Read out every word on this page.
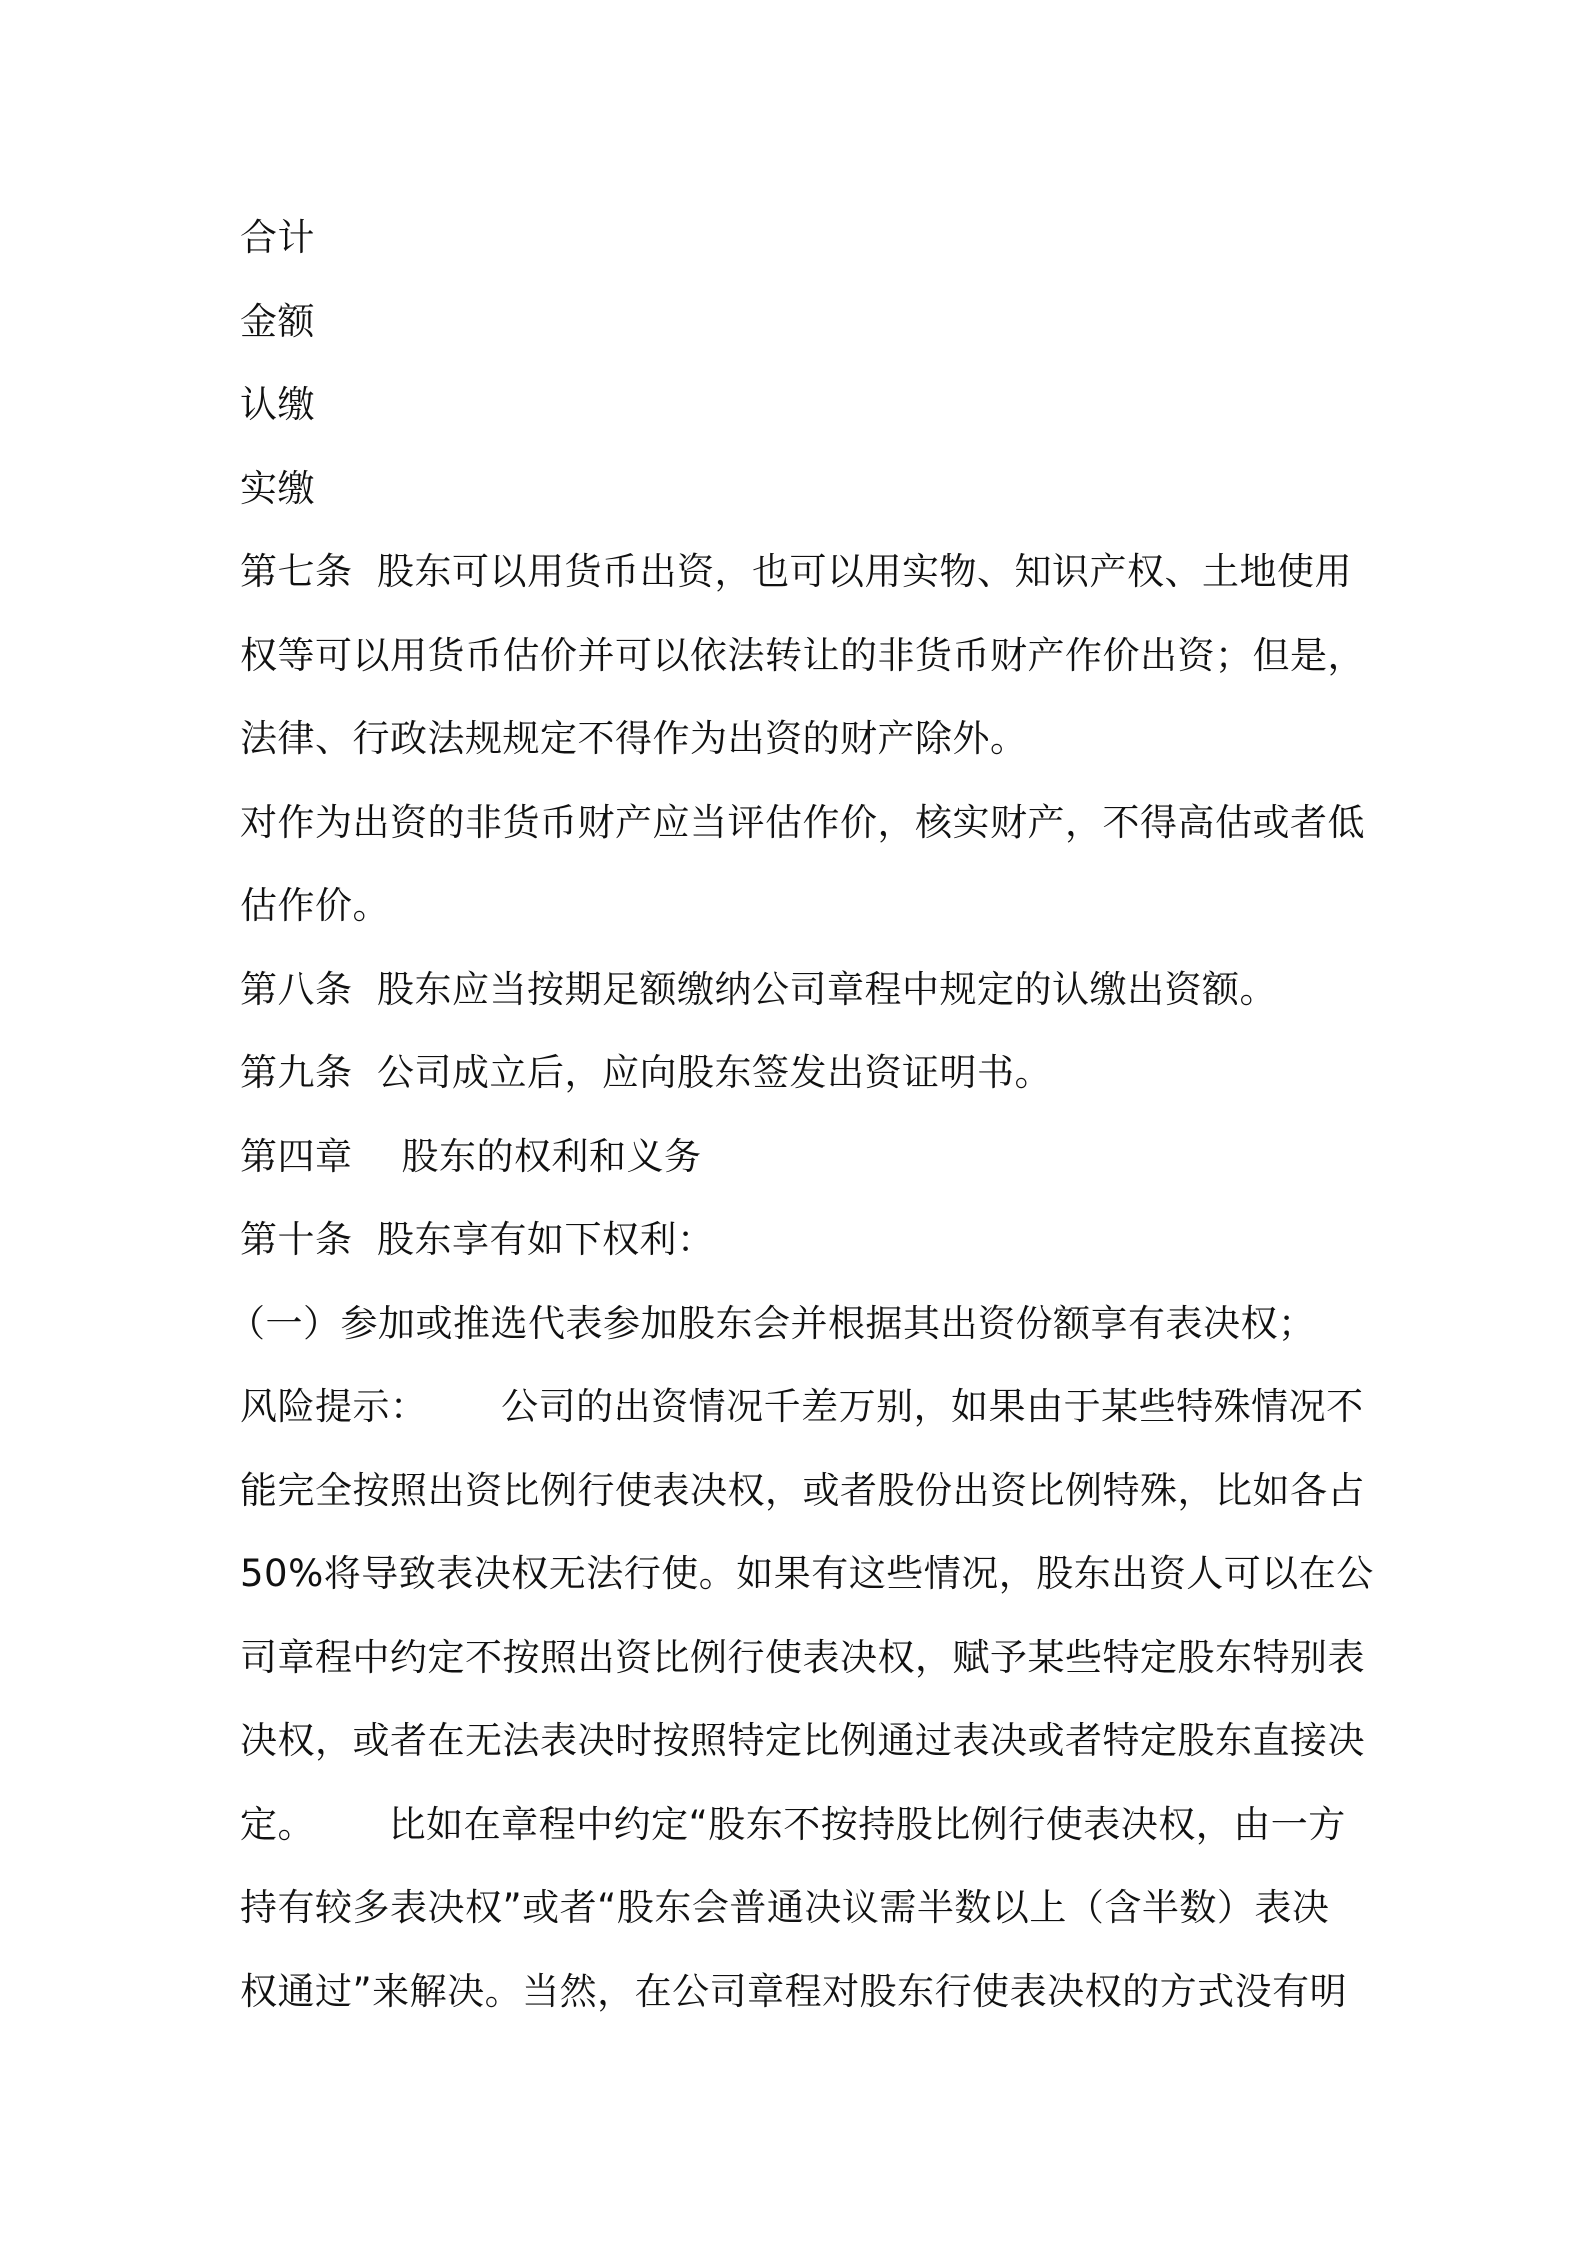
合计
金额
认缴
实缴
第七条  股东可以用货币出资，也可以用实物、知识产权、土地使用
权等可以用货币估价并可以依法转让的非货币财产作价出资；但是，
法律、行政法规规定不得作为出资的财产除外。
对作为出资的非货币财产应当评估作价，核实财产，不得高估或者低
估作价。
第八条  股东应当按期足额缴纳公司章程中规定的认缴出资额。
第九条  公司成立后，应向股东签发出资证明书。
第四章    股东的权利和义务
第十条  股东享有如下权利：
（一）参加或推选代表参加股东会并根据其出资份额享有表决权；
风险提示：      公司的出资情况千差万别，如果由于某些特殊情况不
能完全按照出资比例行使表决权，或者股份出资比例特殊，比如各占
50%将导致表决权无法行使。如果有这些情况，股东出资人可以在公
司章程中约定不按照出资比例行使表决权，赋予某些特定股东特别表
决权，或者在无法表决时按照特定比例通过表决或者特定股东直接决
定。      比如在章程中约定“股东不按持股比例行使表决权，由一方
持有较多表决权”或者“股东会普通决议需半数以上（含半数）表决
权通过”来解决。当然，在公司章程对股东行使表决权的方式没有明
